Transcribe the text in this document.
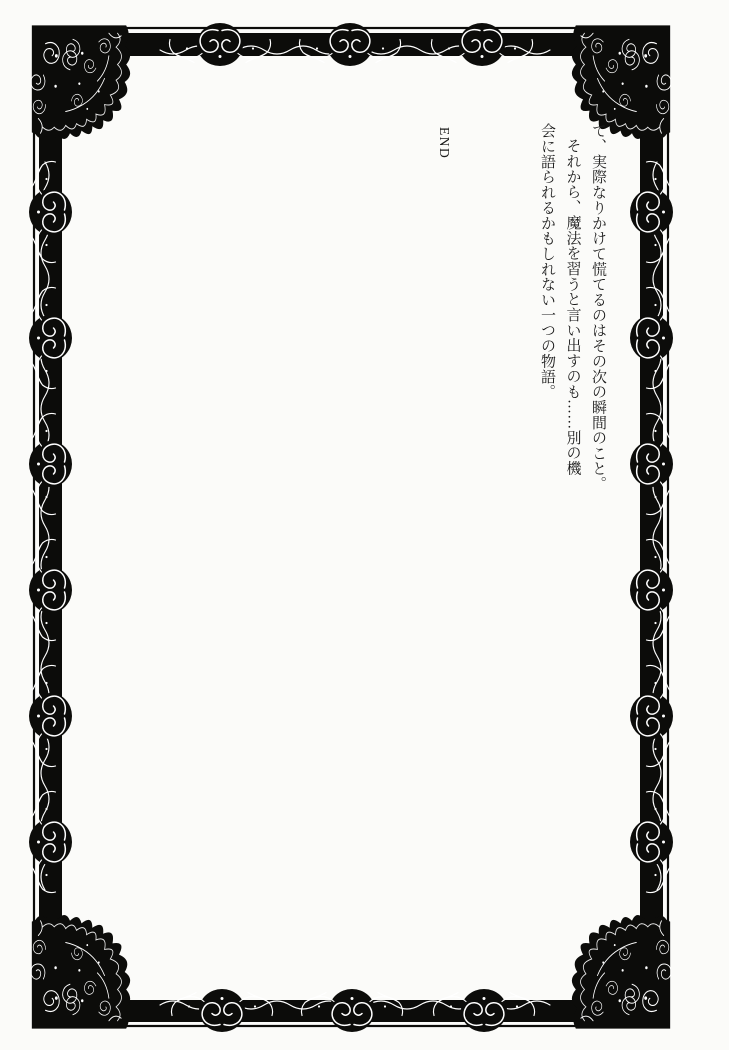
て、実際なりかけて慌てるのはその次の瞬間のこと。

それから、魔法を習うと言い出すのも……別の機

会に語られるかもしれない一つの物語。

END
